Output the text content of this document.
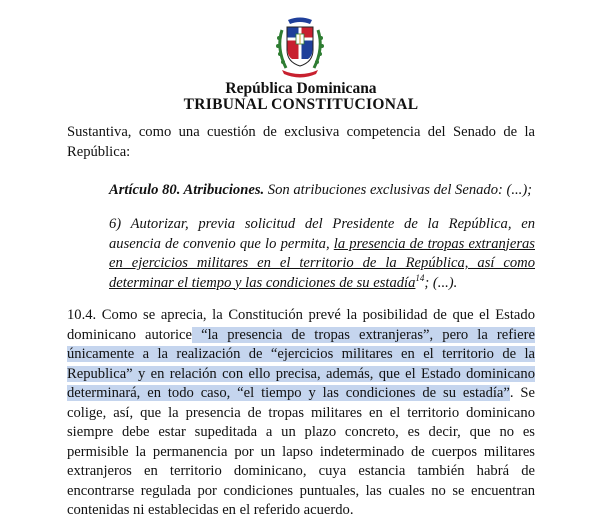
República Dominicana
TRIBUNAL CONSTITUCIONAL

Sustantiva, como una cuestión de exclusiva competencia del Senado de la República:

Artículo 80. Atribuciones. Son atribuciones exclusivas del Senado: (...);

6) Autorizar, previa solicitud del Presidente de la República, en ausencia de convenio que lo permita, la presencia de tropas extranjeras en ejercicios militares en el territorio de la República, así como determinar el tiempo y las condiciones de su estadía$^{14}$; (...).

10.4. Como se aprecia, la Constitución prevé la posibilidad de que el Estado dominicano autorice “la presencia de tropas extranjeras”, pero la refiere únicamente a la realización de “ejercicios militares en el territorio de la Republica” y en relación con ello precisa, además, que el Estado dominicano determinará, en todo caso, “el tiempo y las condiciones de su estadía”. Se colige, así, que la presencia de tropas militares en el territorio dominicano siempre debe estar supeditada a un plazo concreto, es decir, que no es permisible la permanencia por un lapso indeterminado de cuerpos militares extranjeros en territorio dominicano, cuya estancia también habrá de encontrarse regulada por condiciones puntuales, las cuales no se encuentran contenidas ni establecidas en el referido acuerdo.
